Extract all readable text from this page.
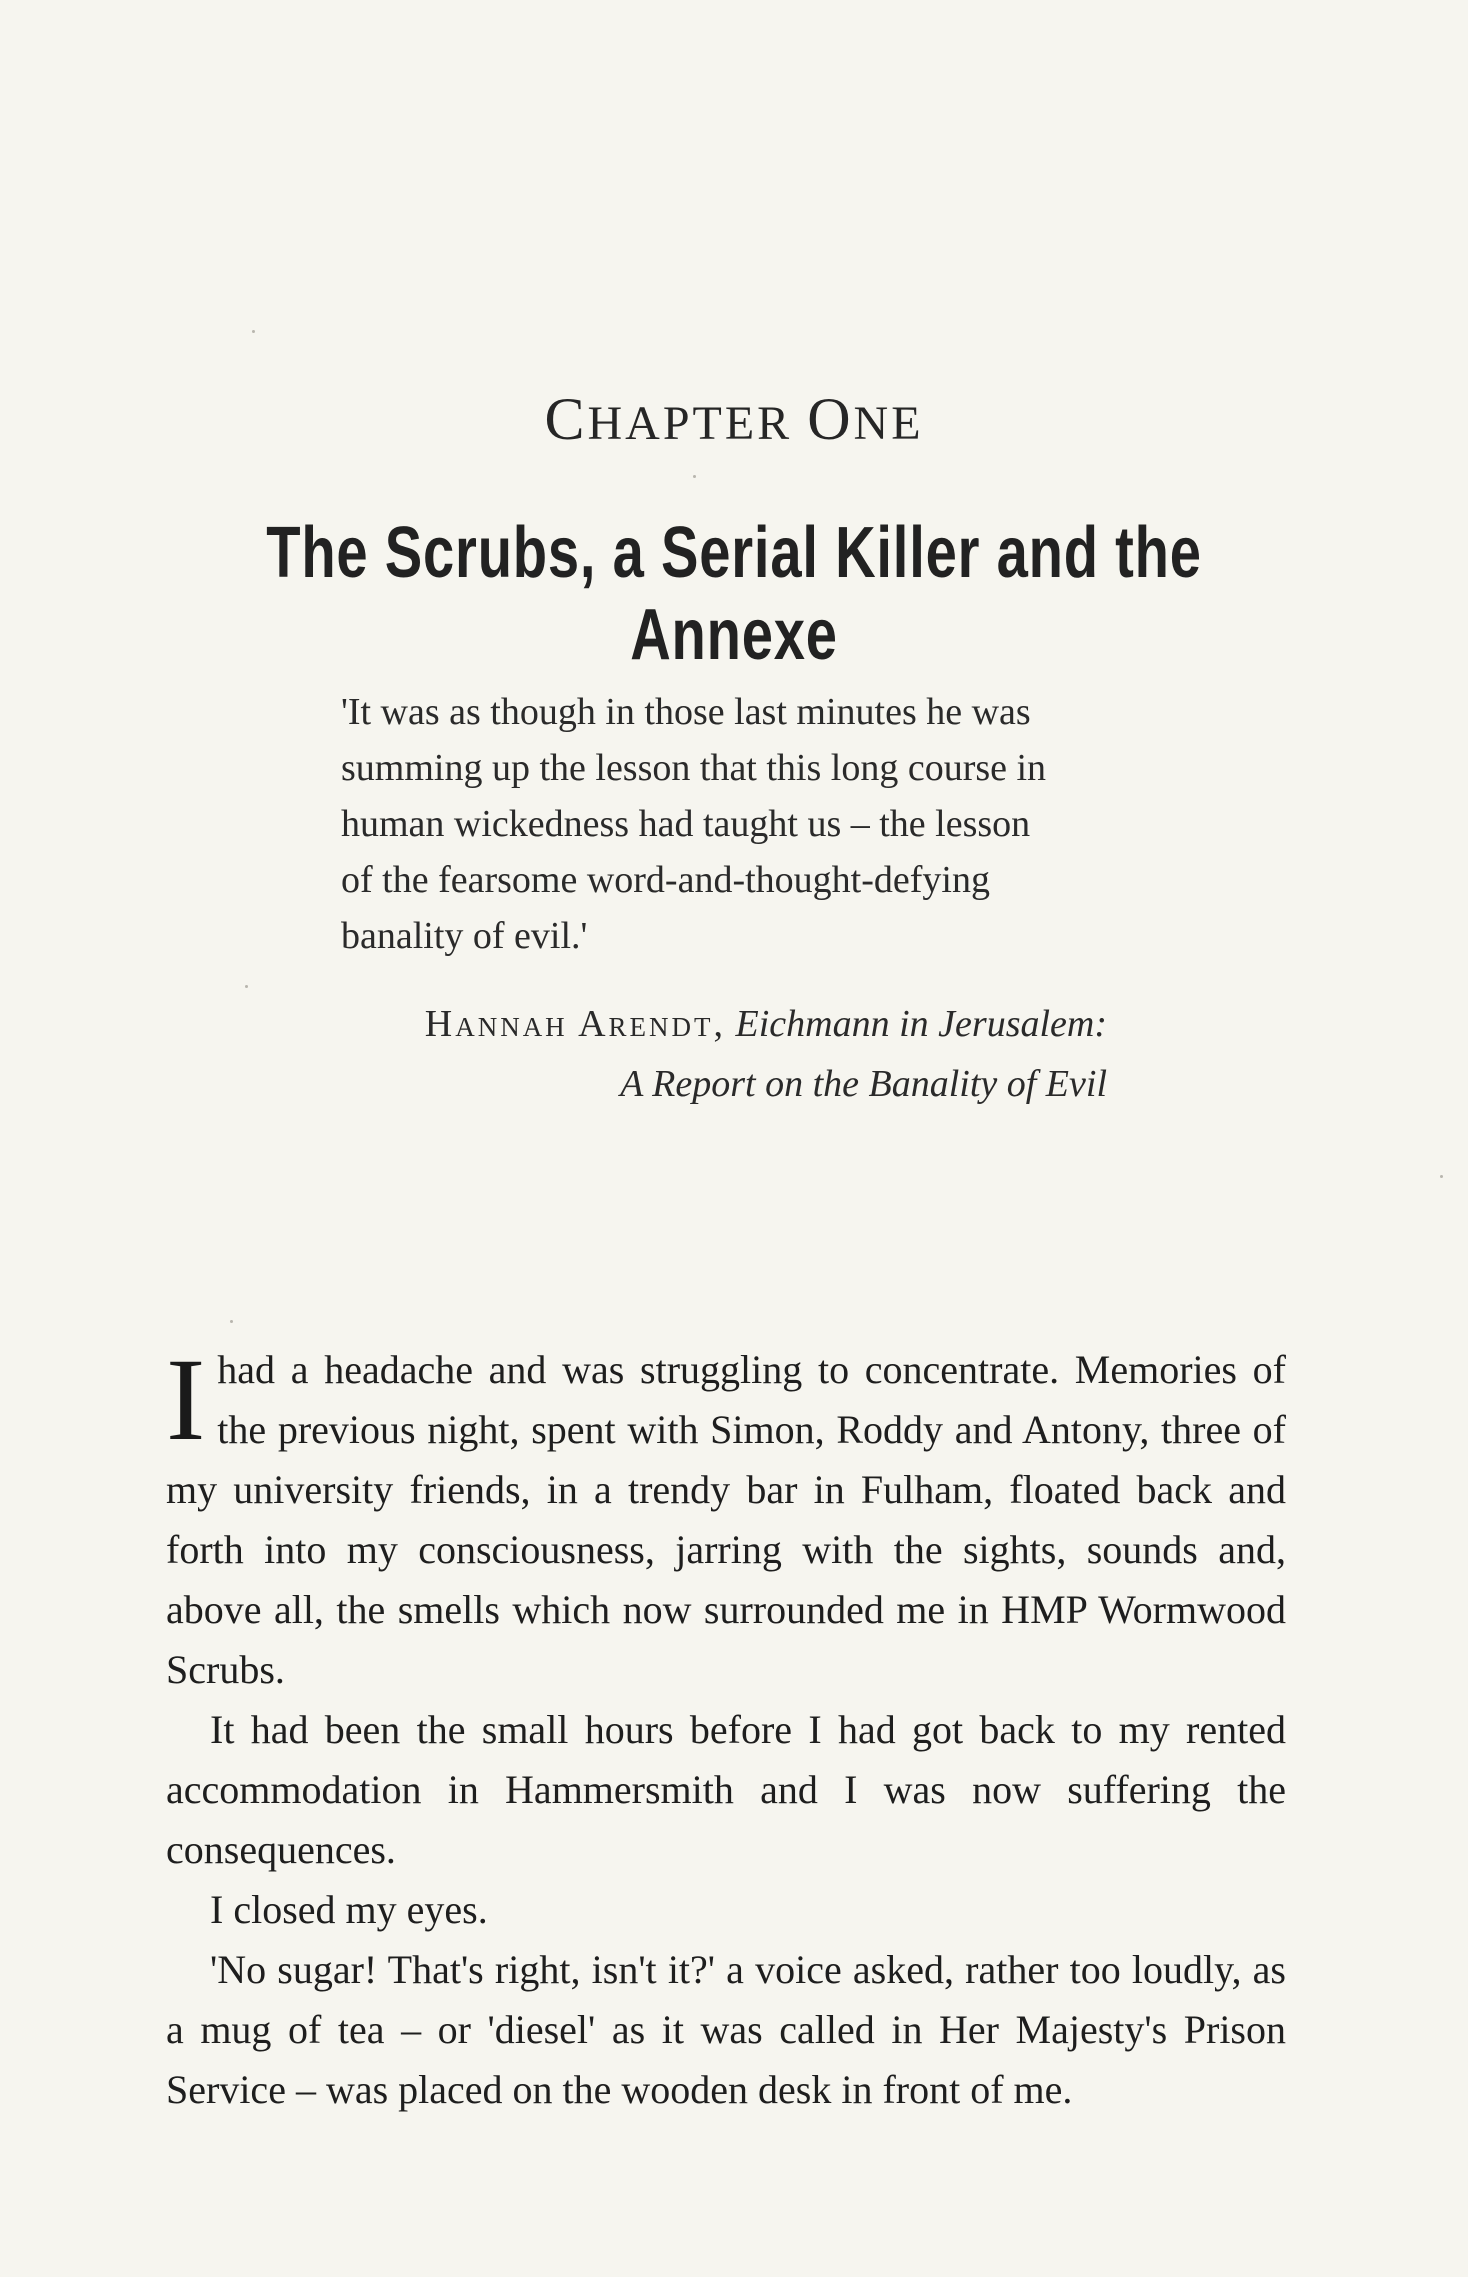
CHAPTER ONE
The Scrubs, a Serial Killer and the Annexe
'It was as though in those last minutes he was
summing up the lesson that this long course in
human wickedness had taught us – the lesson
of the fearsome word-and-thought-defying
banality of evil.'
Hannah Arendt, Eichmann in Jerusalem:
A Report on the Banality of Evil

I had a headache and was struggling to concentrate. Memories of the previous night, spent with Simon, Roddy and Antony, three of my university friends, in a trendy bar in Fulham, floated back and forth into my consciousness, jarring with the sights, sounds and, above all, the smells which now surrounded me in HMP Wormwood Scrubs.

It had been the small hours before I had got back to my rented accommodation in Hammersmith and I was now suffering the consequences.

I closed my eyes.

'No sugar! That's right, isn't it?' a voice asked, rather too loudly, as a mug of tea – or 'diesel' as it was called in Her Majesty's Prison Service – was placed on the wooden desk in front of me.
